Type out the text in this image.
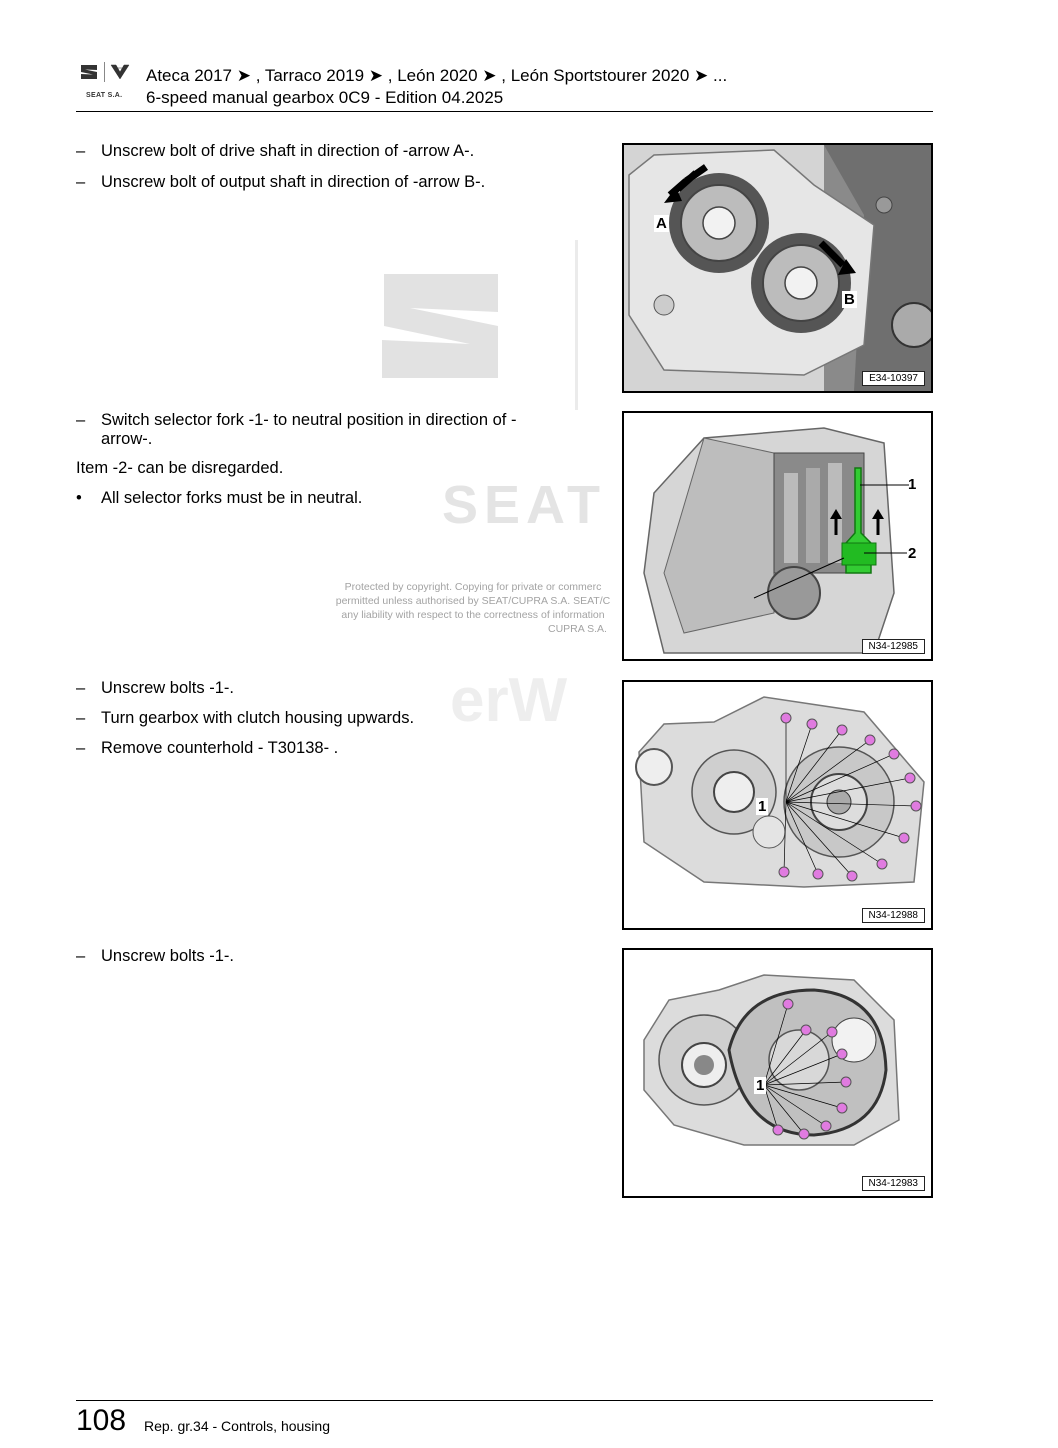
SEAT S.A.
Ateca 2017 ➤ , Tarraco 2019 ➤ , León 2020 ➤ , León Sportstourer 2020 ➤ ...
6-speed manual gearbox 0C9 - Edition 04.2025
SEAT
erW
Protected by copyright. Copying for private or commerc
permitted unless authorised by SEAT/CUPRA S.A. SEAT/C
any liability with respect to the correctness of information
CUPRA S.A.
– Unscrew bolt of drive shaft in direction of -arrow A-.
– Unscrew bolt of output shaft in direction of -arrow B-.
– Switch selector fork -1- to neutral position in direction of -arrow-.
Item -2- can be disregarded.
•	All selector forks must be in neutral.
– Unscrew bolts -1-.
– Turn gearbox with clutch housing upwards.
– Remove counterhold - T30138- .
– Unscrew bolts -1-.
A
B
E34-10397
1
2
N34-12985
1
N34-12988
1
N34-12983
108 Rep. gr.34 - Controls, housing
